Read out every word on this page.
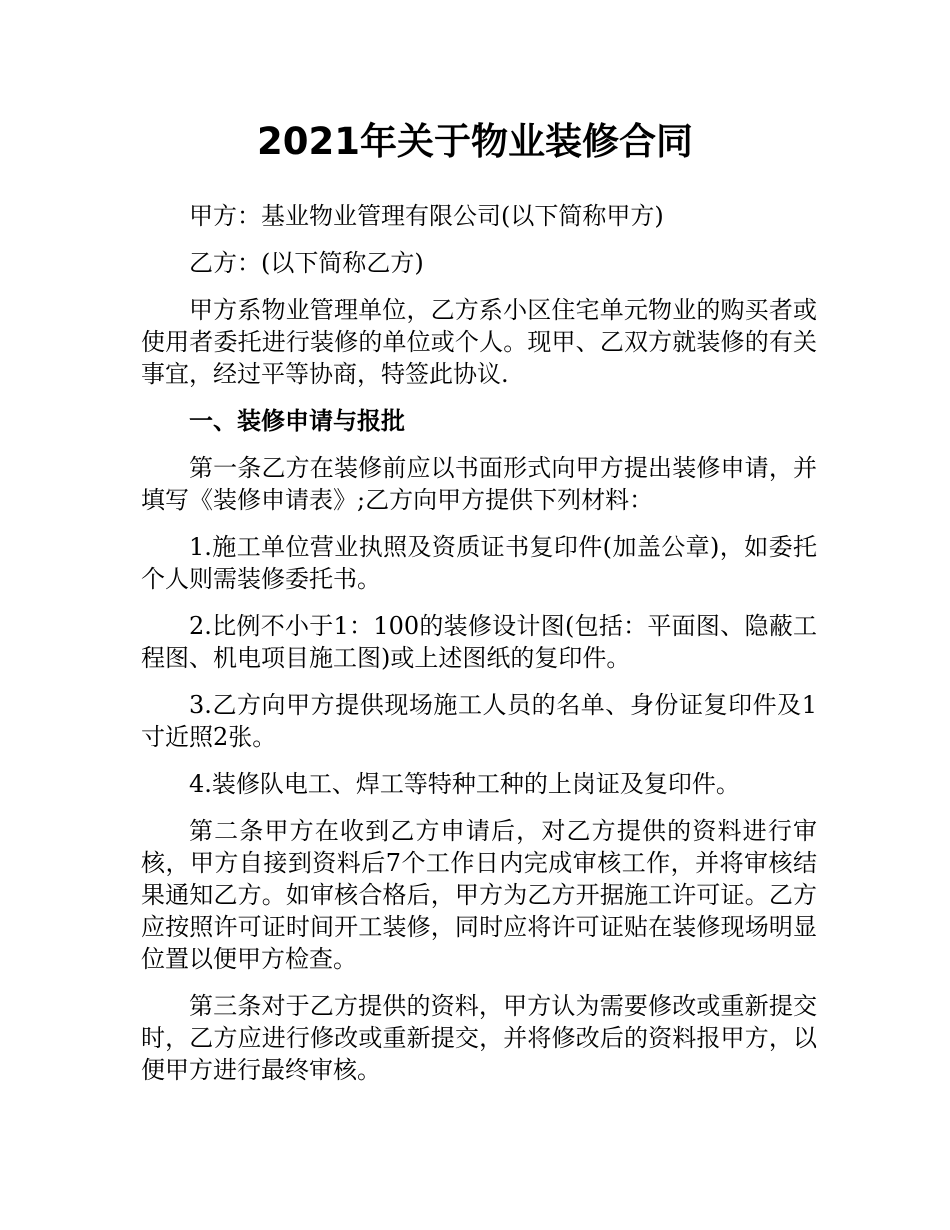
2021年关于物业装修合同

甲方：基业物业管理有限公司(以下简称甲方)

乙方：(以下简称乙方)

甲方系物业管理单位，乙方系小区住宅单元物业的购买者或使用者委托进行装修的单位或个人。现甲、乙双方就装修的有关事宜，经过平等协商，特签此协议.

一、装修申请与报批

第一条乙方在装修前应以书面形式向甲方提出装修申请，并填写《装修申请表》;乙方向甲方提供下列材料：

1.施工单位营业执照及资质证书复印件(加盖公章)，如委托个人则需装修委托书。

2.比例不小于1：100的装修设计图(包括：平面图、隐蔽工程图、机电项目施工图)或上述图纸的复印件。

3.乙方向甲方提供现场施工人员的名单、身份证复印件及1寸近照2张。

4.装修队电工、焊工等特种工种的上岗证及复印件。

第二条甲方在收到乙方申请后，对乙方提供的资料进行审核，甲方自接到资料后7个工作日内完成审核工作，并将审核结果通知乙方。如审核合格后，甲方为乙方开据施工许可证。乙方应按照许可证时间开工装修，同时应将许可证贴在装修现场明显位置以便甲方检查。

第三条对于乙方提供的资料，甲方认为需要修改或重新提交时，乙方应进行修改或重新提交，并将修改后的资料报甲方，以便甲方进行最终审核。
